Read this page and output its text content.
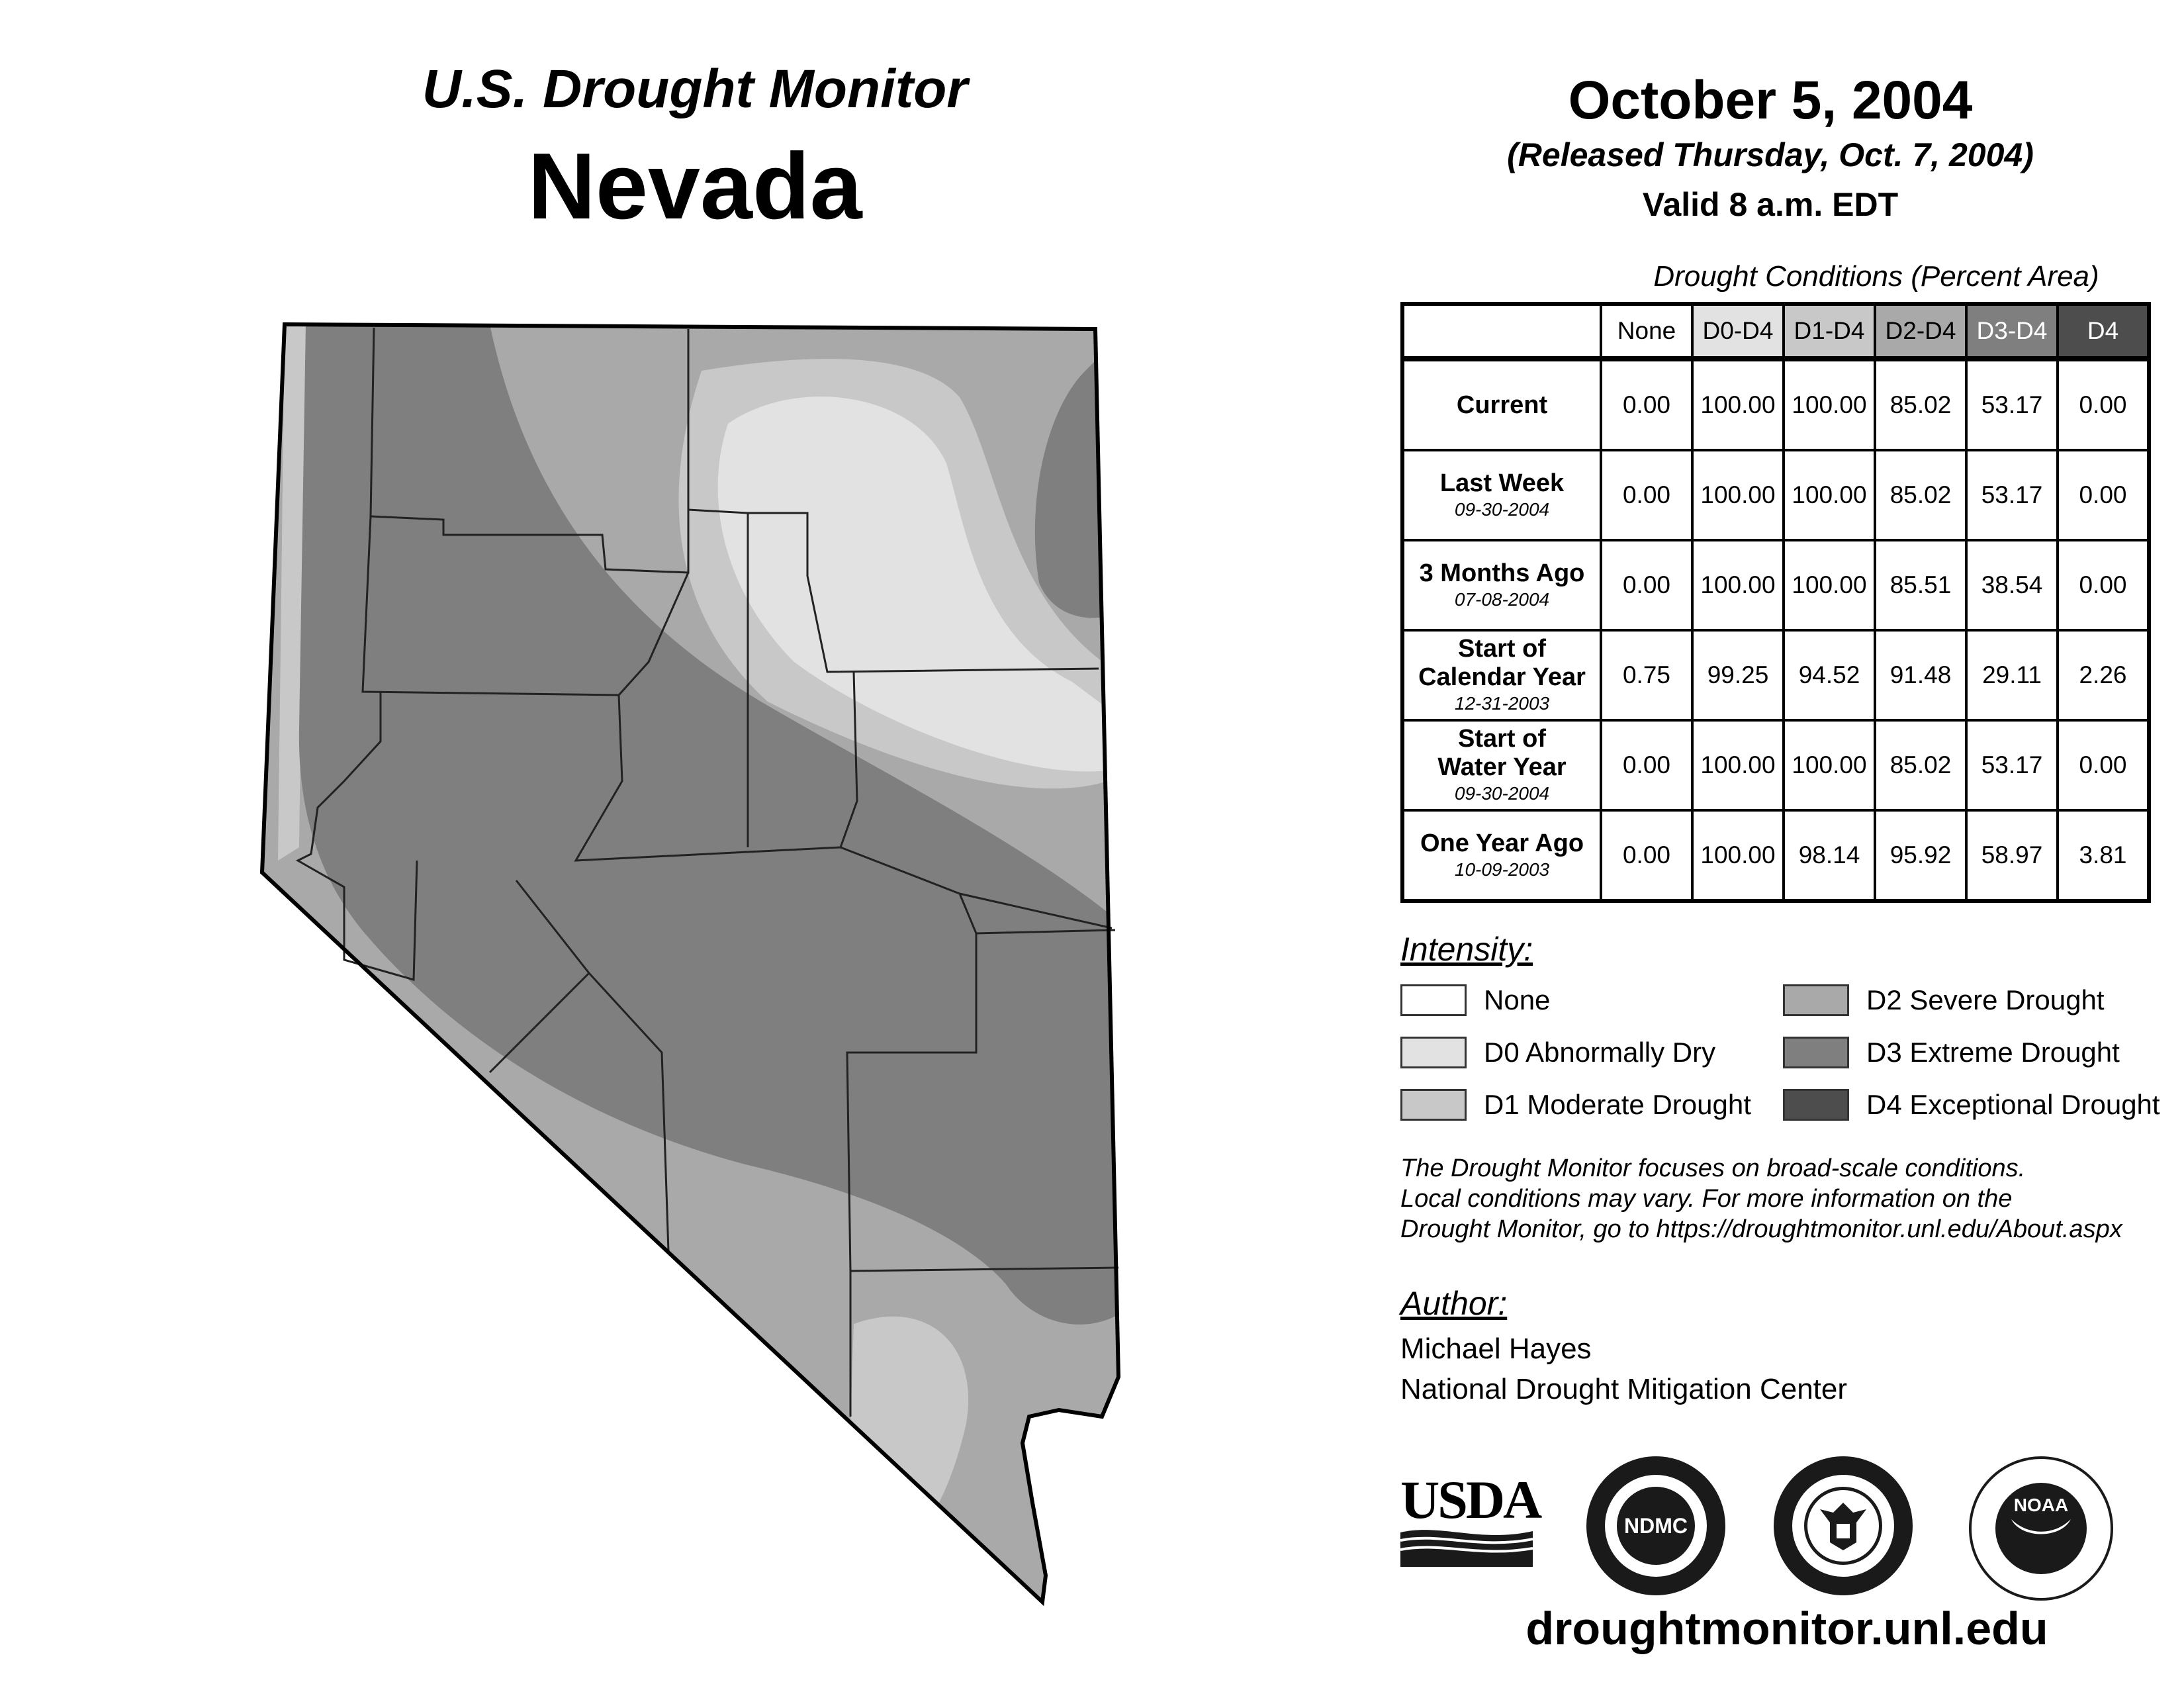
U.S. Drought Monitor
Nevada
October 5, 2004
(Released Thursday, Oct. 7, 2004)
Valid 8 a.m. EDT
Drought Conditions (Percent Area)
	None	D0-D4	D1-D4	D2-D4	D3-D4	D4
Current	0.00	100.00	100.00	85.02	53.17	0.00
Last Week
09-30-2004	0.00	100.00	100.00	85.02	53.17	0.00
3 Months Ago
07-08-2004	0.00	100.00	100.00	85.51	38.54	0.00
Start of
Calendar Year
12-31-2003	0.75	99.25	94.52	91.48	29.11	2.26
Start of
Water Year
09-30-2004	0.00	100.00	100.00	85.02	53.17	0.00
One Year Ago
10-09-2003	0.00	100.00	98.14	95.92	58.97	3.81
Intensity:
None
D0 Abnormally Dry
D1 Moderate Drought
D2 Severe Drought
D3 Extreme Drought
D4 Exceptional Drought
The Drought Monitor focuses on broad-scale conditions.
Local conditions may vary. For more information on the
Drought Monitor, go to https://droughtmonitor.unl.edu/About.aspx
Author:
Michael Hayes
National Drought Mitigation Center
USDA	NDMC
NOAA
droughtmonitor.unl.edu
